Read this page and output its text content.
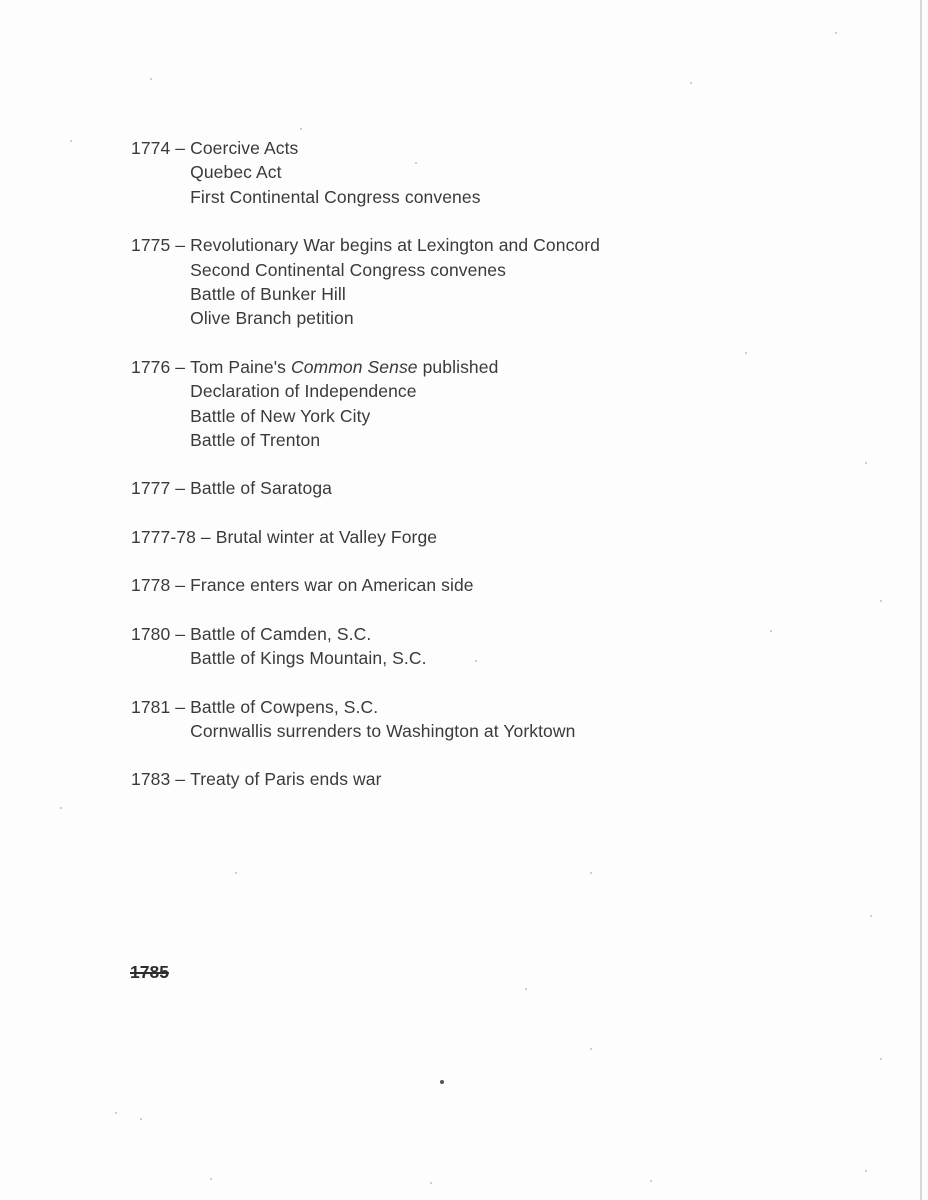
1774 – Coercive Acts
Quebec Act
First Continental Congress convenes
1775 – Revolutionary War begins at Lexington and Concord
Second Continental Congress convenes
Battle of Bunker Hill
Olive Branch petition
1776 – Tom Paine's Common Sense published
Declaration of Independence
Battle of New York City
Battle of Trenton
1777 – Battle of Saratoga
1777-78 – Brutal winter at Valley Forge
1778 – France enters war on American side
1780 – Battle of Camden, S.C.
Battle of Kings Mountain, S.C.
1781 – Battle of Cowpens, S.C.
Cornwallis surrenders to Washington at Yorktown
1783 – Treaty of Paris ends war
1785
